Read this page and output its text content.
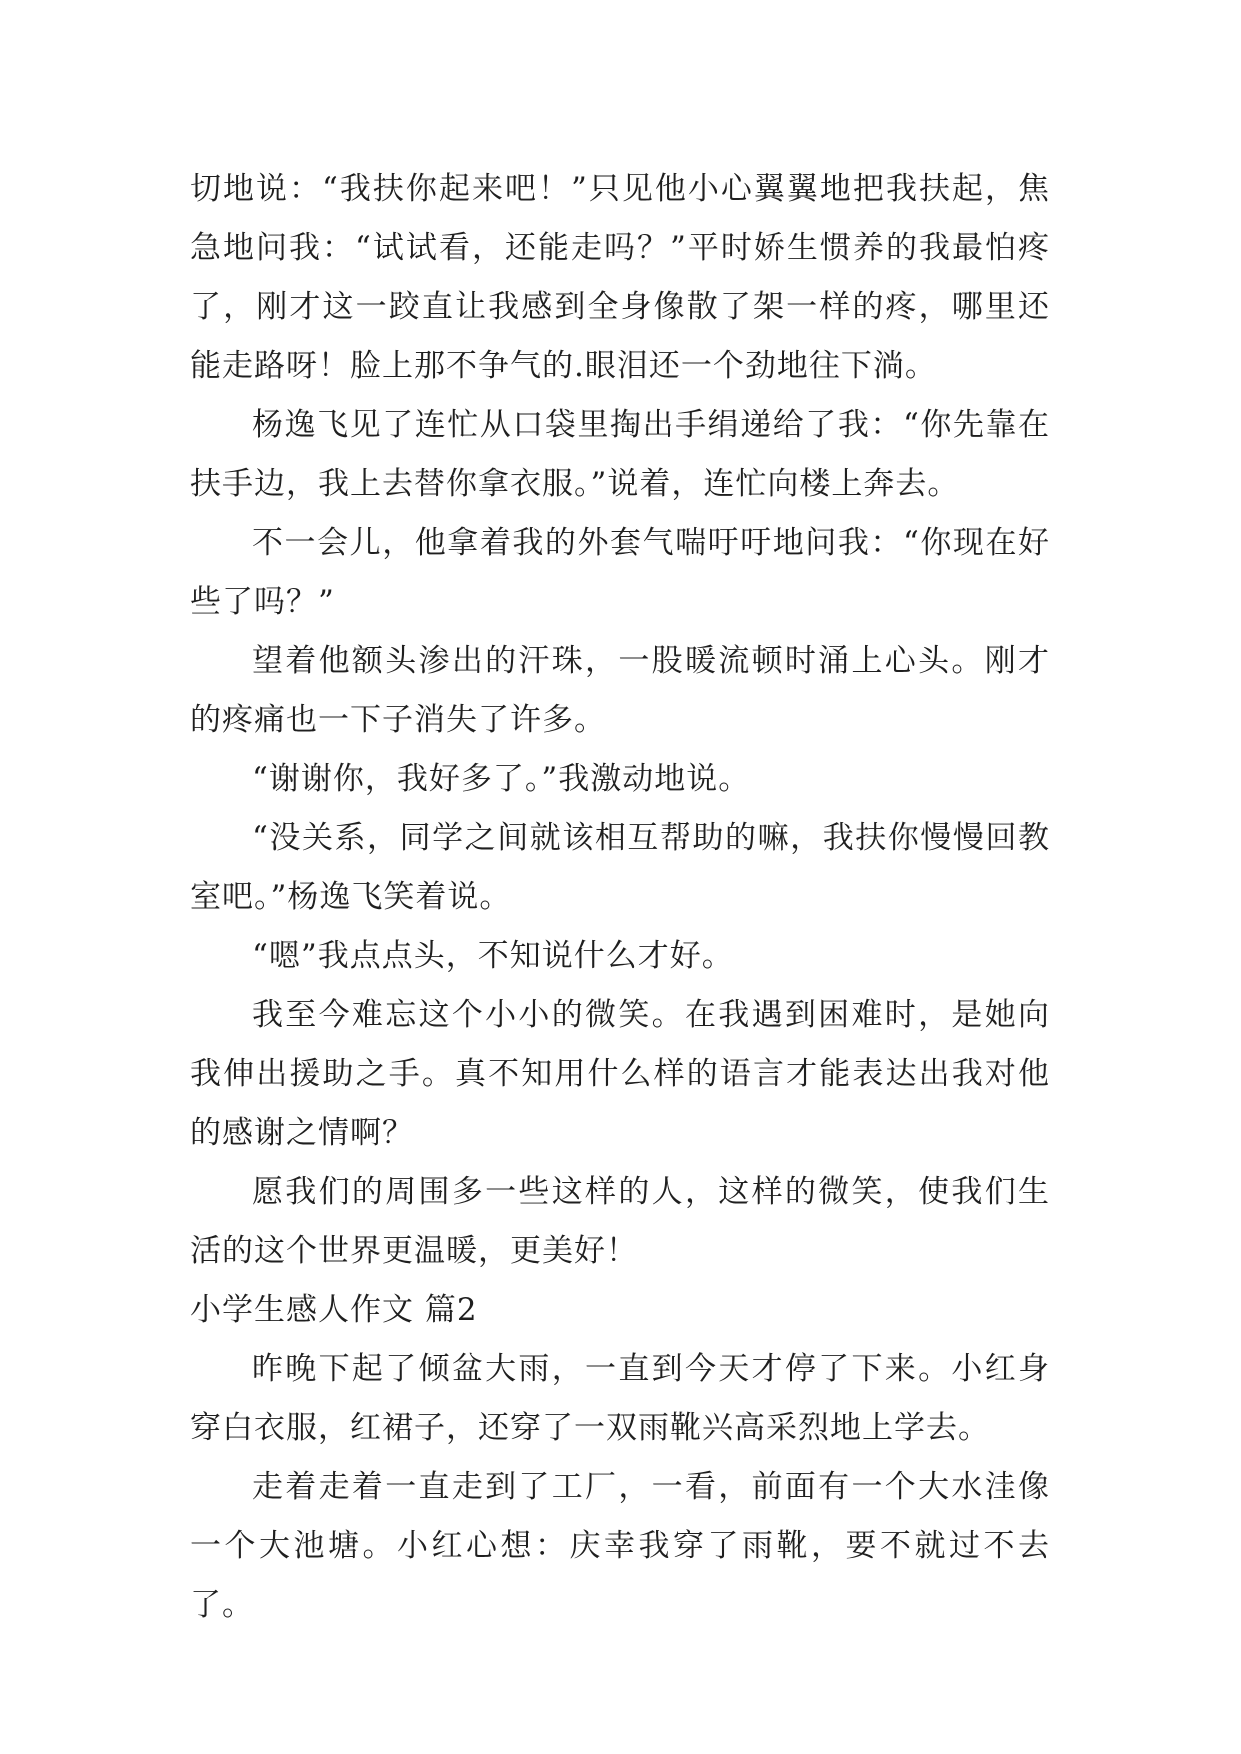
切地说：“我扶你起来吧！”只见他小心翼翼地把我扶起，焦急地问我：“试试看，还能走吗？”平时娇生惯养的我最怕疼了，刚才这一跤直让我感到全身像散了架一样的疼，哪里还能走路呀！脸上那不争气的.眼泪还一个劲地往下淌。

杨逸飞见了连忙从口袋里掏出手绢递给了我：“你先靠在扶手边，我上去替你拿衣服。”说着，连忙向楼上奔去。

不一会儿，他拿着我的外套气喘吁吁地问我：“你现在好些了吗？”

望着他额头渗出的汗珠，一股暖流顿时涌上心头。刚才的疼痛也一下子消失了许多。

“谢谢你，我好多了。”我激动地说。

“没关系，同学之间就该相互帮助的嘛，我扶你慢慢回教室吧。”杨逸飞笑着说。

“嗯”我点点头，不知说什么才好。

我至今难忘这个小小的微笑。在我遇到困难时，是她向我伸出援助之手。真不知用什么样的语言才能表达出我对他的感谢之情啊？

愿我们的周围多一些这样的人，这样的微笑，使我们生活的这个世界更温暖，更美好！

小学生感人作文 篇2

昨晚下起了倾盆大雨，一直到今天才停了下来。小红身穿白衣服，红裙子，还穿了一双雨靴兴高采烈地上学去。

走着走着一直走到了工厂，一看，前面有一个大水洼像一个大池塘。小红心想：庆幸我穿了雨靴，要不就过不去了。
